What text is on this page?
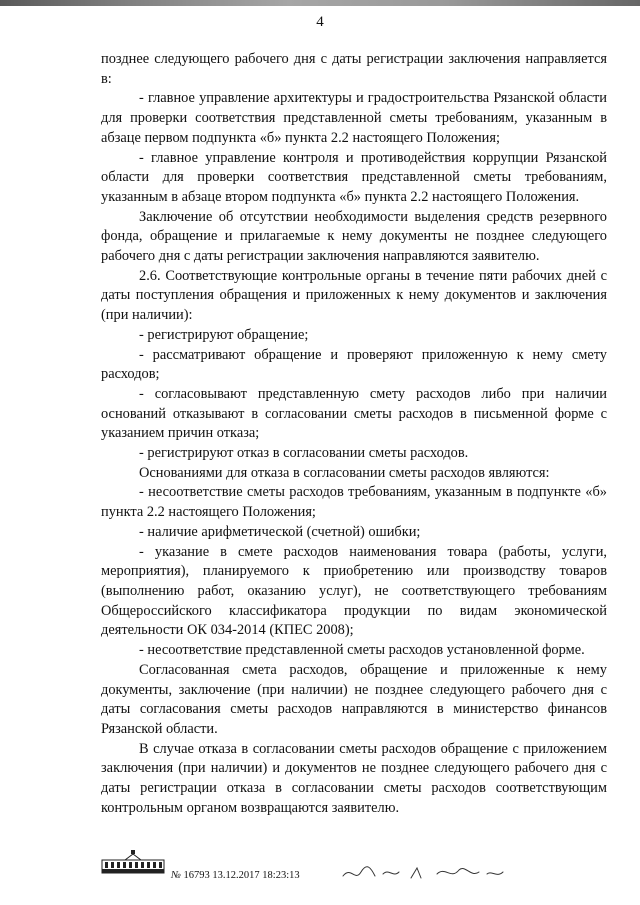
4

позднее следующего рабочего дня с даты регистрации заключения направляется в:

- главное управление архитектуры и градостроительства Рязанской области для проверки соответствия представленной сметы требованиям, указанным в абзаце первом подпункта «б» пункта 2.2 настоящего Положения;

- главное управление контроля и противодействия коррупции Рязанской области для проверки соответствия представленной сметы требованиям, указанным в абзаце втором подпункта «б» пункта 2.2 настоящего Положения.

Заключение об отсутствии необходимости выделения средств резервного фонда, обращение и прилагаемые к нему документы не позднее следующего рабочего дня с даты регистрации заключения направляются заявителю.

2.6. Соответствующие контрольные органы в течение пяти рабочих дней с даты поступления обращения и приложенных к нему документов и заключения (при наличии):

- регистрируют обращение;

- рассматривают обращение и проверяют приложенную к нему смету расходов;

- согласовывают представленную смету расходов либо при наличии оснований отказывают в согласовании сметы расходов в письменной форме с указанием причин отказа;

- регистрируют отказ в согласовании сметы расходов.

Основаниями для отказа в согласовании сметы расходов являются:

- несоответствие сметы расходов требованиям, указанным в подпункте «б» пункта 2.2 настоящего Положения;

- наличие арифметической (счетной) ошибки;

- указание в смете расходов наименования товара (работы, услуги, мероприятия), планируемого к приобретению или производству товаров (выполнению работ, оказанию услуг), не соответствующего требованиям Общероссийского классификатора продукции по видам экономической деятельности ОК 034-2014 (КПЕС 2008);

- несоответствие представленной сметы расходов установленной форме.

Согласованная смета расходов, обращение и приложенные к нему документы, заключение (при наличии) не позднее следующего рабочего дня с даты согласования сметы расходов направляются в министерство финансов Рязанской области.

В случае отказа в согласовании сметы расходов обращение с приложением заключения (при наличии) и документов не позднее следующего рабочего дня с даты регистрации отказа в согласовании сметы расходов соответствующим контрольным органом возвращаются заявителю.

№ 16793 13.12.2017 18:23:13
